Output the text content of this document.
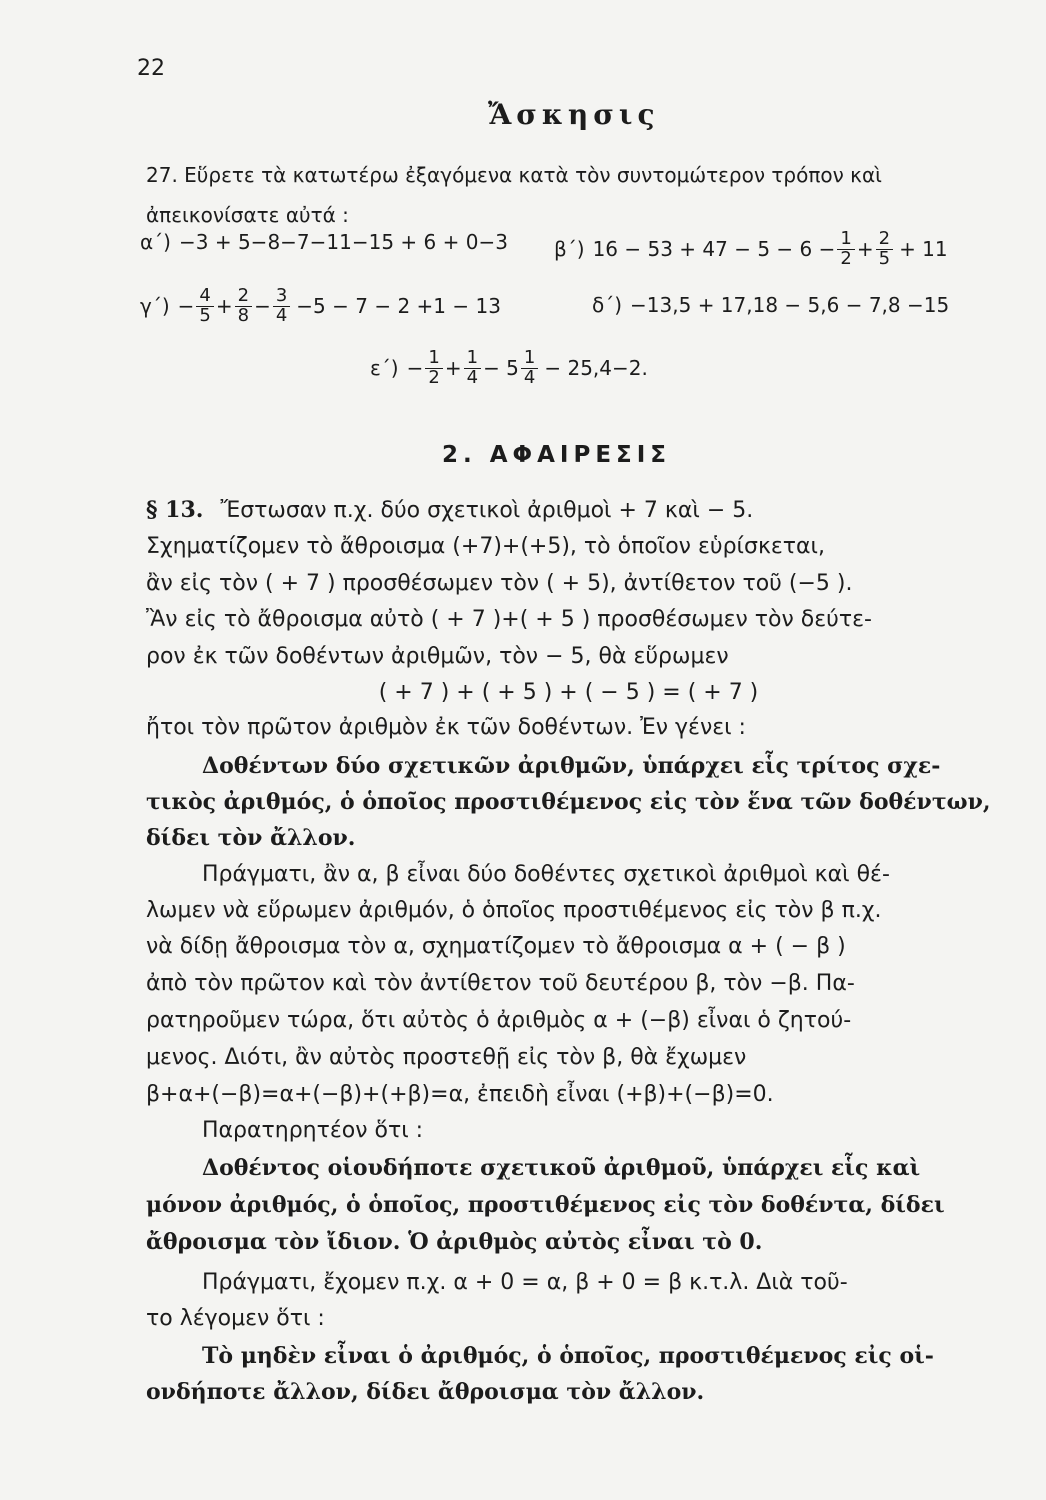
22
Ἄσκησις
27. Εὕρετε τὰ κατωτέρω ἐξαγόμενα κατὰ τὸν συντομώτερον τρόπον καὶ
ἀπεικονίσατε αὐτά :
α΄) −3 + 5−8−7−11−15 + 6 + 0−3 β΄) $16 - 53 + 47 - 5 - 6 - \frac{1}{2} + \frac{2}{5} + 11$
$\gamma΄) - \frac{4}{5} + \frac{2}{8} - \frac{3}{4} -5 - 7 - 2 +1 - 13$	δ΄) −13,5 + 17,18 − 5,6 − 7,8 −15
$\varepsilon΄) - \frac{1}{2} + \frac{1}{4} - 5 \frac{1}{4} - 25,4-2$.
2. ΑΦΑΙΡΕΣΙΣ
§ 13. Ἔστωσαν π.χ. δύο σχετικοὶ ἀριθμοὶ + 7 καὶ − 5.
Σχηματίζομεν τὸ ἄθροισμα (+7)+(+5), τὸ ὁποῖον εὑρίσκεται,
ἂν εἰς τὸν ( + 7 ) προσθέσωμεν τὸν ( + 5), ἀντίθετον τοῦ (−5 ).
Ἂν εἰς τὸ ἄθροισμα αὐτὸ ( + 7 )+( + 5 ) προσθέσωμεν τὸν δεύτε-
ρον ἐκ τῶν δοθέντων ἀριθμῶν, τὸν − 5, θὰ εὕρωμεν
( + 7 ) + ( + 5 ) + ( − 5 ) = ( + 7 )
ἤτοι τὸν πρῶτον ἀριθμὸν ἐκ τῶν δοθέντων. Ἐν γένει :
Δοθέντων δύο σχετικῶν ἀριθμῶν, ὑπάρχει εἷς τρίτος σχε-
τικὸς ἀριθμός, ὁ ὁποῖος προστιθέμενος εἰς τὸν ἕνα τῶν δοθέντων,
δίδει τὸν ἄλλον.
Πράγματι, ἂν α, β εἶναι δύο δοθέντες σχετικοὶ ἀριθμοὶ καὶ θέ-
λωμεν νὰ εὕρωμεν ἀριθμόν, ὁ ὁποῖος προστιθέμενος εἰς τὸν β π.χ.
νὰ δίδῃ ἄθροισμα τὸν α, σχηματίζομεν τὸ ἄθροισμα α + ( − β )
ἀπὸ τὸν πρῶτον καὶ τὸν ἀντίθετον τοῦ δευτέρου β, τὸν −β. Πα-
ρατηροῦμεν τώρα, ὅτι αὐτὸς ὁ ἀριθμὸς α + (−β) εἶναι ὁ ζητού-
μενος. Διότι, ἂν αὐτὸς προστεθῇ εἰς τὸν β, θὰ ἔχωμεν
β+α+(−β)=α+(−β)+(+β)=α, ἐπειδὴ εἶναι (+β)+(−β)=0.
Παρατηρητέον ὅτι :
Δοθέντος οἱουδήποτε σχετικοῦ ἀριθμοῦ, ὑπάρχει εἷς καὶ
μόνον ἀριθμός, ὁ ὁποῖος, προστιθέμενος εἰς τὸν δοθέντα, δίδει
ἄθροισμα τὸν ἴδιον. Ὁ ἀριθμὸς αὐτὸς εἶναι τὸ 0.
Πράγματι, ἔχομεν π.χ. α + 0 = α, β + 0 = β κ.τ.λ. Διὰ τοῦ-
το λέγομεν ὅτι :
Τὸ μηδὲν εἶναι ὁ ἀριθμός, ὁ ὁποῖος, προστιθέμενος εἰς οἱ-
ονδήποτε ἄλλον, δίδει ἄθροισμα τὸν ἄλλον.
